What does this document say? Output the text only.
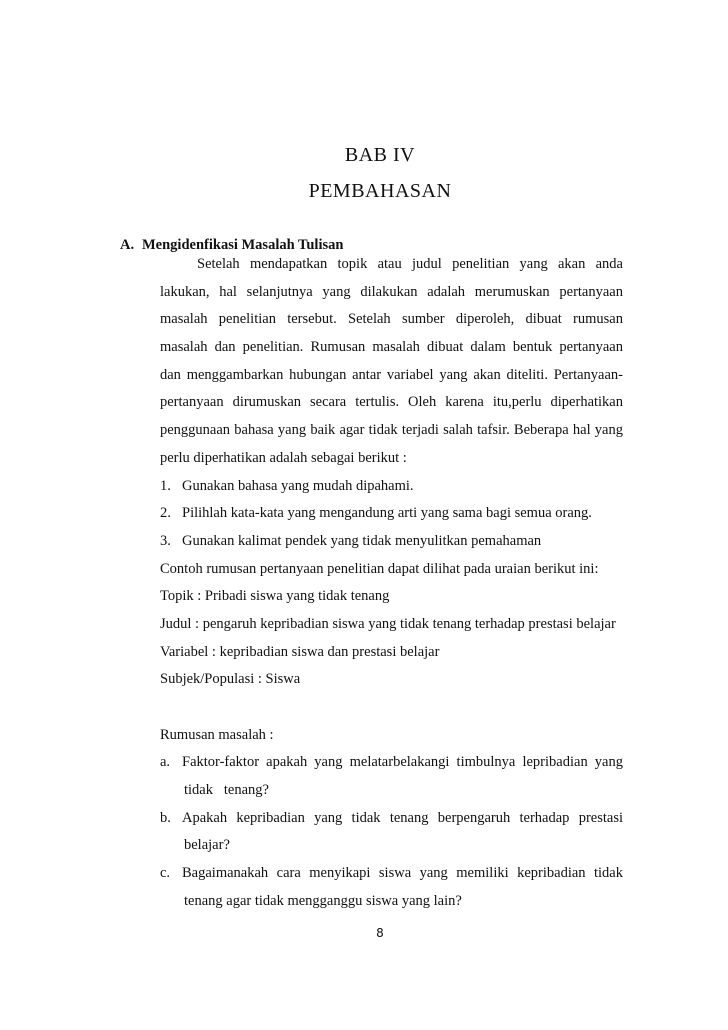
BAB IV
PEMBAHASAN
A. Mengidenfikasi Masalah Tulisan
Setelah mendapatkan topik atau judul penelitian yang akan anda
lakukan, hal selanjutnya yang dilakukan adalah merumuskan pertanyaan
masalah penelitian tersebut. Setelah sumber diperoleh, dibuat rumusan
masalah dan penelitian. Rumusan masalah dibuat dalam bentuk pertanyaan
dan menggambarkan hubungan antar variabel yang akan diteliti. Pertanyaan-
pertanyaan dirumuskan secara tertulis. Oleh karena itu,perlu diperhatikan
penggunaan bahasa yang baik agar tidak terjadi salah tafsir. Beberapa hal yang
perlu diperhatikan adalah sebagai berikut :
1. Gunakan bahasa yang mudah dipahami.
2. Pilihlah kata-kata yang mengandung arti yang sama bagi semua orang.
3. Gunakan kalimat pendek yang tidak menyulitkan pemahaman
Contoh rumusan pertanyaan penelitian dapat dilihat pada uraian berikut ini:
Topik : Pribadi siswa yang tidak tenang
Judul : pengaruh kepribadian siswa yang tidak tenang terhadap prestasi belajar
Variabel : kepribadian siswa dan prestasi belajar
Subjek/Populasi : Siswa
Rumusan masalah :
a. Faktor-faktor apakah yang melatarbelakangi timbulnya lepribadian yang
tidak   tenang?
b. Apakah kepribadian yang tidak tenang berpengaruh terhadap prestasi
belajar?
c. Bagaimanakah cara menyikapi siswa yang memiliki kepribadian tidak
tenang agar tidak mengganggu siswa yang lain?
8
